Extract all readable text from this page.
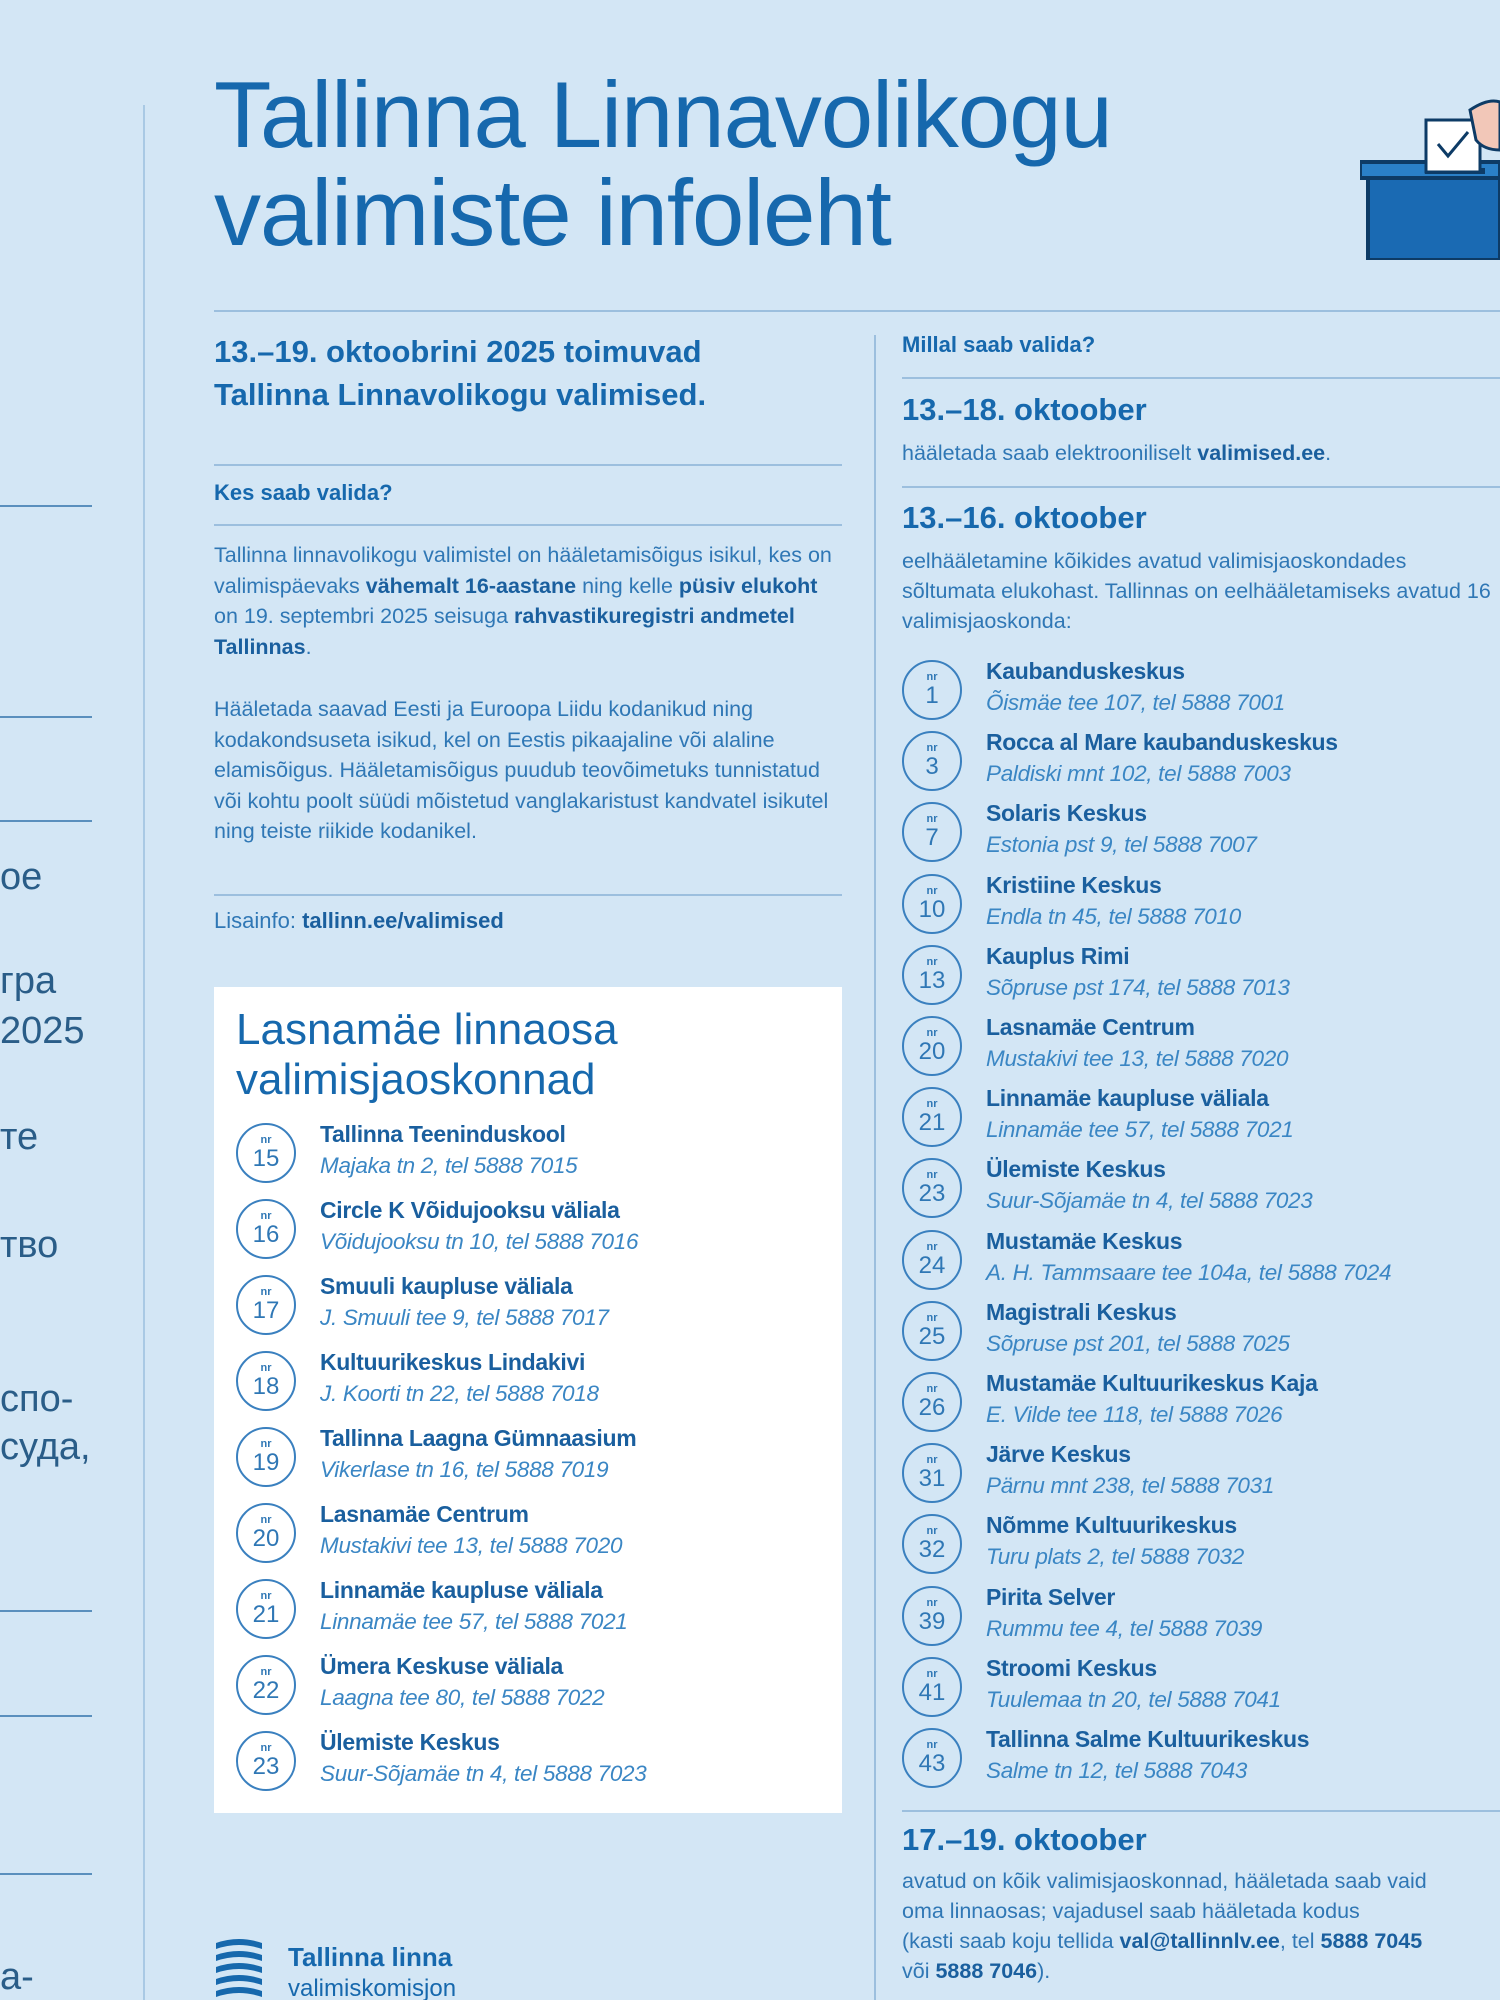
ое
гра
2025
те
тво
спо-
суда,
а-
Tallinna Linnavolikogu
valimiste infoleht
13.–19. oktoobrini 2025 toimuvad
Tallinna Linnavolikogu valimised.
Kes saab valida?
Tallinna linnavolikogu valimistel on hääletamisõigus isikul, kes on valimispäevaks vähemalt 16-aastane ning kelle püsiv elukoht on 19. septembri 2025 seisuga rahvastikuregistri andmetel Tallinnas.
Hääletada saavad Eesti ja Euroopa Liidu kodanikud ning kodakondsuseta isikud, kel on Eestis pikaajaline või alaline elamisõigus. Hääletamisõigus puudub teovõimetuks tunnistatud või kohtu poolt süüdi mõistetud vanglakaristust kandvatel isikutel ning teiste riikide kodanikel.
Lisainfo: tallinn.ee/valimised
Lasnamäe linnaosa
valimisjaoskonnad
nr
15
Tallinna Teeninduskool
Majaka tn 2, tel 5888 7015
nr
16
Circle K Võidujooksu väliala
Võidujooksu tn 10, tel 5888 7016
nr
17
Smuuli kaupluse väliala
J. Smuuli tee 9, tel 5888 7017
nr
18
Kultuurikeskus Lindakivi
J. Koorti tn 22, tel 5888 7018
nr
19
Tallinna Laagna Gümnaasium
Vikerlase tn 16, tel 5888 7019
nr
20
Lasnamäe Centrum
Mustakivi tee 13, tel 5888 7020
nr
21
Linnamäe kaupluse väliala
Linnamäe tee 57, tel 5888 7021
nr
22
Ümera Keskuse väliala
Laagna tee 80, tel 5888 7022
nr
23
Ülemiste Keskus
Suur-Sõjamäe tn 4, tel 5888 7023
Millal saab valida?
13.–18. oktoober
hääletada saab elektrooniliselt valimised.ee.
13.–16. oktoober
eelhääletamine kõikides avatud valimisjaoskondades sõltumata elukohast. Tallinnas on eelhääletamiseks avatud 16 valimisjaoskonda:
nr
1
Kaubanduskeskus
Õismäe tee 107, tel 5888 7001
nr
3
Rocca al Mare kaubanduskeskus
Paldiski mnt 102, tel 5888 7003
nr
7
Solaris Keskus
Estonia pst 9, tel 5888 7007
nr
10
Kristiine Keskus
Endla tn 45, tel 5888 7010
nr
13
Kauplus Rimi
Sõpruse pst 174, tel 5888 7013
nr
20
Lasnamäe Centrum
Mustakivi tee 13, tel 5888 7020
nr
21
Linnamäe kaupluse väliala
Linnamäe tee 57, tel 5888 7021
nr
23
Ülemiste Keskus
Suur-Sõjamäe tn 4, tel 5888 7023
nr
24
Mustamäe Keskus
A. H. Tammsaare tee 104a, tel 5888 7024
nr
25
Magistrali Keskus
Sõpruse pst 201, tel 5888 7025
nr
26
Mustamäe Kultuurikeskus Kaja
E. Vilde tee 118, tel 5888 7026
nr
31
Järve Keskus
Pärnu mnt 238, tel 5888 7031
nr
32
Nõmme Kultuurikeskus
Turu plats 2, tel 5888 7032
nr
39
Pirita Selver
Rummu tee 4, tel 5888 7039
nr
41
Stroomi Keskus
Tuulemaa tn 20, tel 5888 7041
nr
43
Tallinna Salme Kultuurikeskus
Salme tn 12, tel 5888 7043
17.–19. oktoober
avatud on kõik valimisjaoskonnad, hääletada saab vaid
oma linnaosas; vajadusel saab hääletada kodus
(kasti saab koju tellida val@tallinnlv.ee, tel 5888 7045
või 5888 7046).
Tallinna linna
valimiskomisjon
